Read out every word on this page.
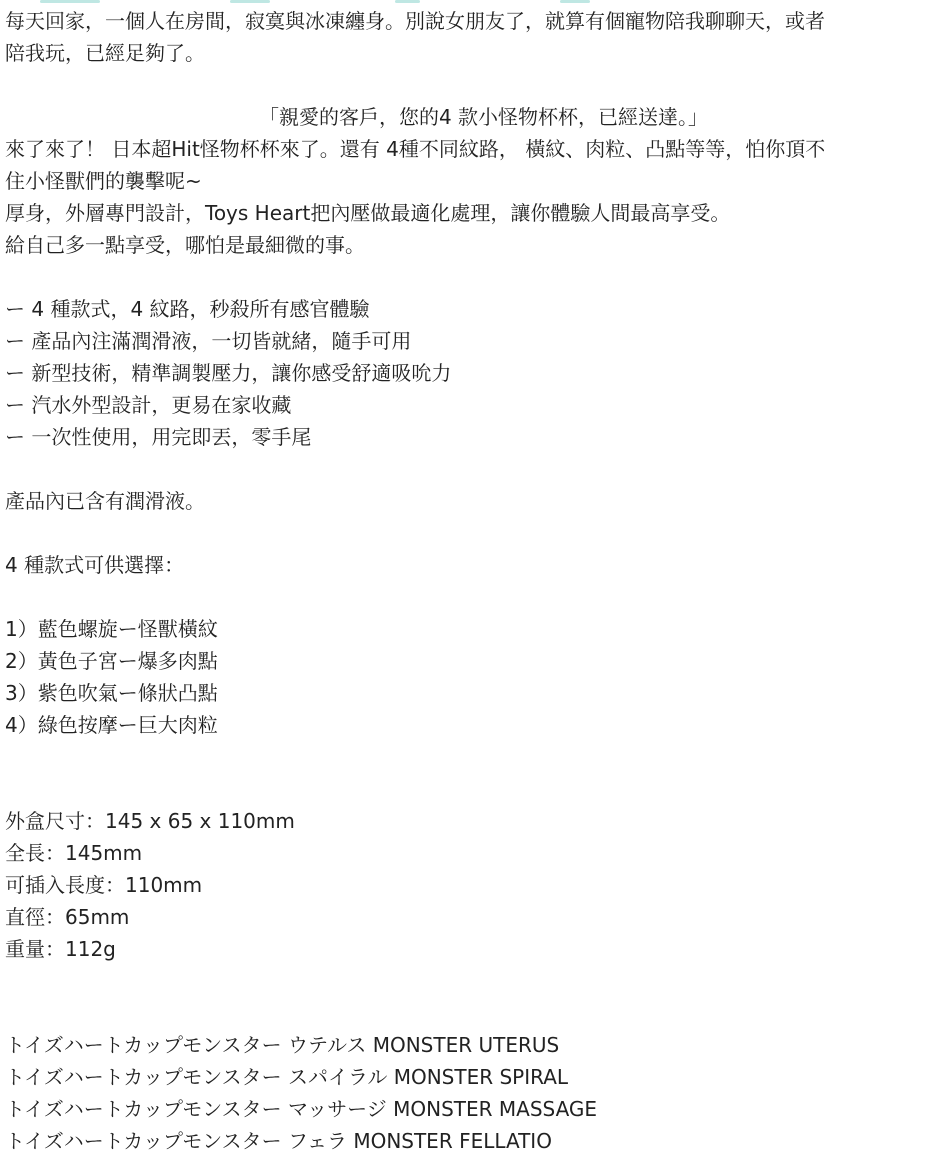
每天回家，一個人在房間，寂寞與冰凍纏身。別說女朋友了，就算有個寵物陪我聊聊天，或者
陪我玩，已經足夠了。
「親愛的客戶，您的4 款小怪物杯杯，已經送達。」
來了來了！ 日本超Hit怪物杯杯來了。還有 4種不同紋路， 橫紋、肉粒、凸點等等，怕你頂不
住小怪獸們的襲擊呢~
厚身，外層專門設計，Toys Heart把內壓做最適化處理，讓你體驗人間最高享受。
給自己多一點享受，哪怕是最細微的事。
ー 4 種款式，4 紋路，秒殺所有感官體驗
ー 產品內注滿潤滑液，一切皆就緒，隨手可用
ー 新型技術，精準調製壓力，讓你感受舒適吸吮力
ー 汽水外型設計，更易在家收藏
ー 一次性使用，用完即丟，零手尾
產品內已含有潤滑液。
4 種款式可供選擇：
1）藍色螺旋ー怪獸橫紋
2）黃色子宮ー爆多肉點
3）紫色吹氣ー條狀凸點
4）綠色按摩ー巨大肉粒
外盒尺寸：145 x 65 x 110mm
全長：145mm
可插入長度：110mm
直徑：65mm
重量：112g
トイズハートカップモンスター ウテルス MONSTER UTERUS
トイズハートカップモンスター スパイラル MONSTER SPIRAL
トイズハートカップモンスター マッサージ MONSTER MASSAGE
トイズハートカップモンスター フェラ MONSTER FELLATIO
